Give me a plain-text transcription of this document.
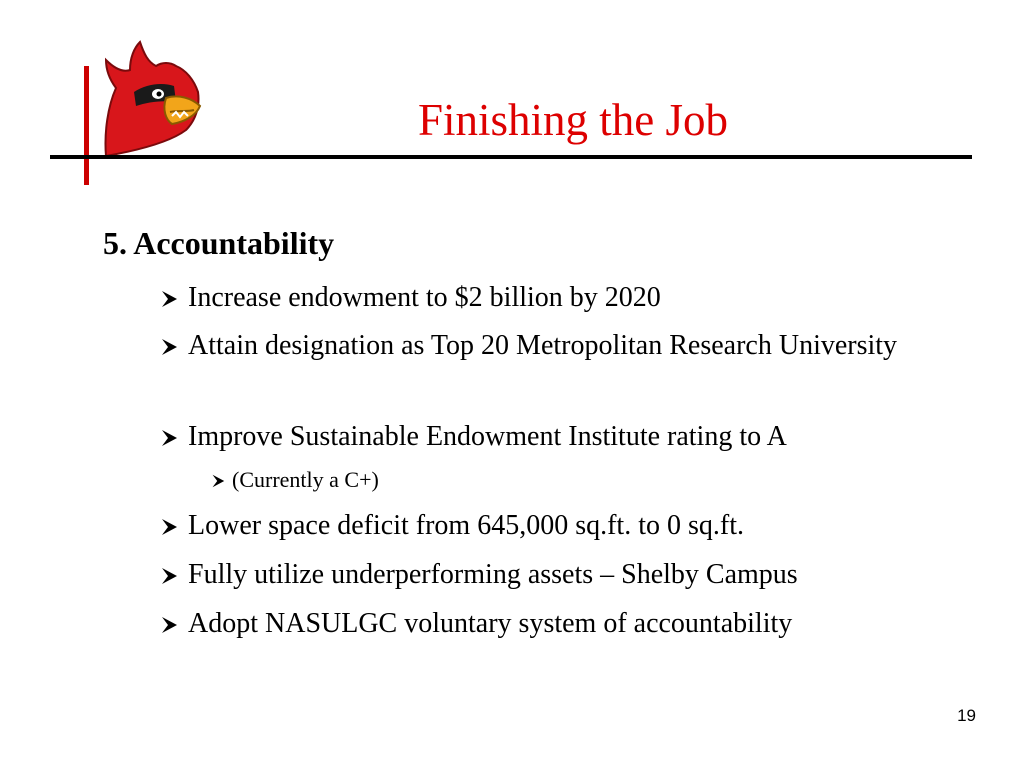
Finishing the Job
5. Accountability
Increase endowment to $2 billion by 2020
Attain designation as Top 20 Metropolitan Research University
Improve Sustainable Endowment Institute rating to A
(Currently a C+)
Lower space deficit from 645,000 sq.ft. to 0 sq.ft.
Fully utilize underperforming assets – Shelby Campus
Adopt NASULGC voluntary system of accountability
19
